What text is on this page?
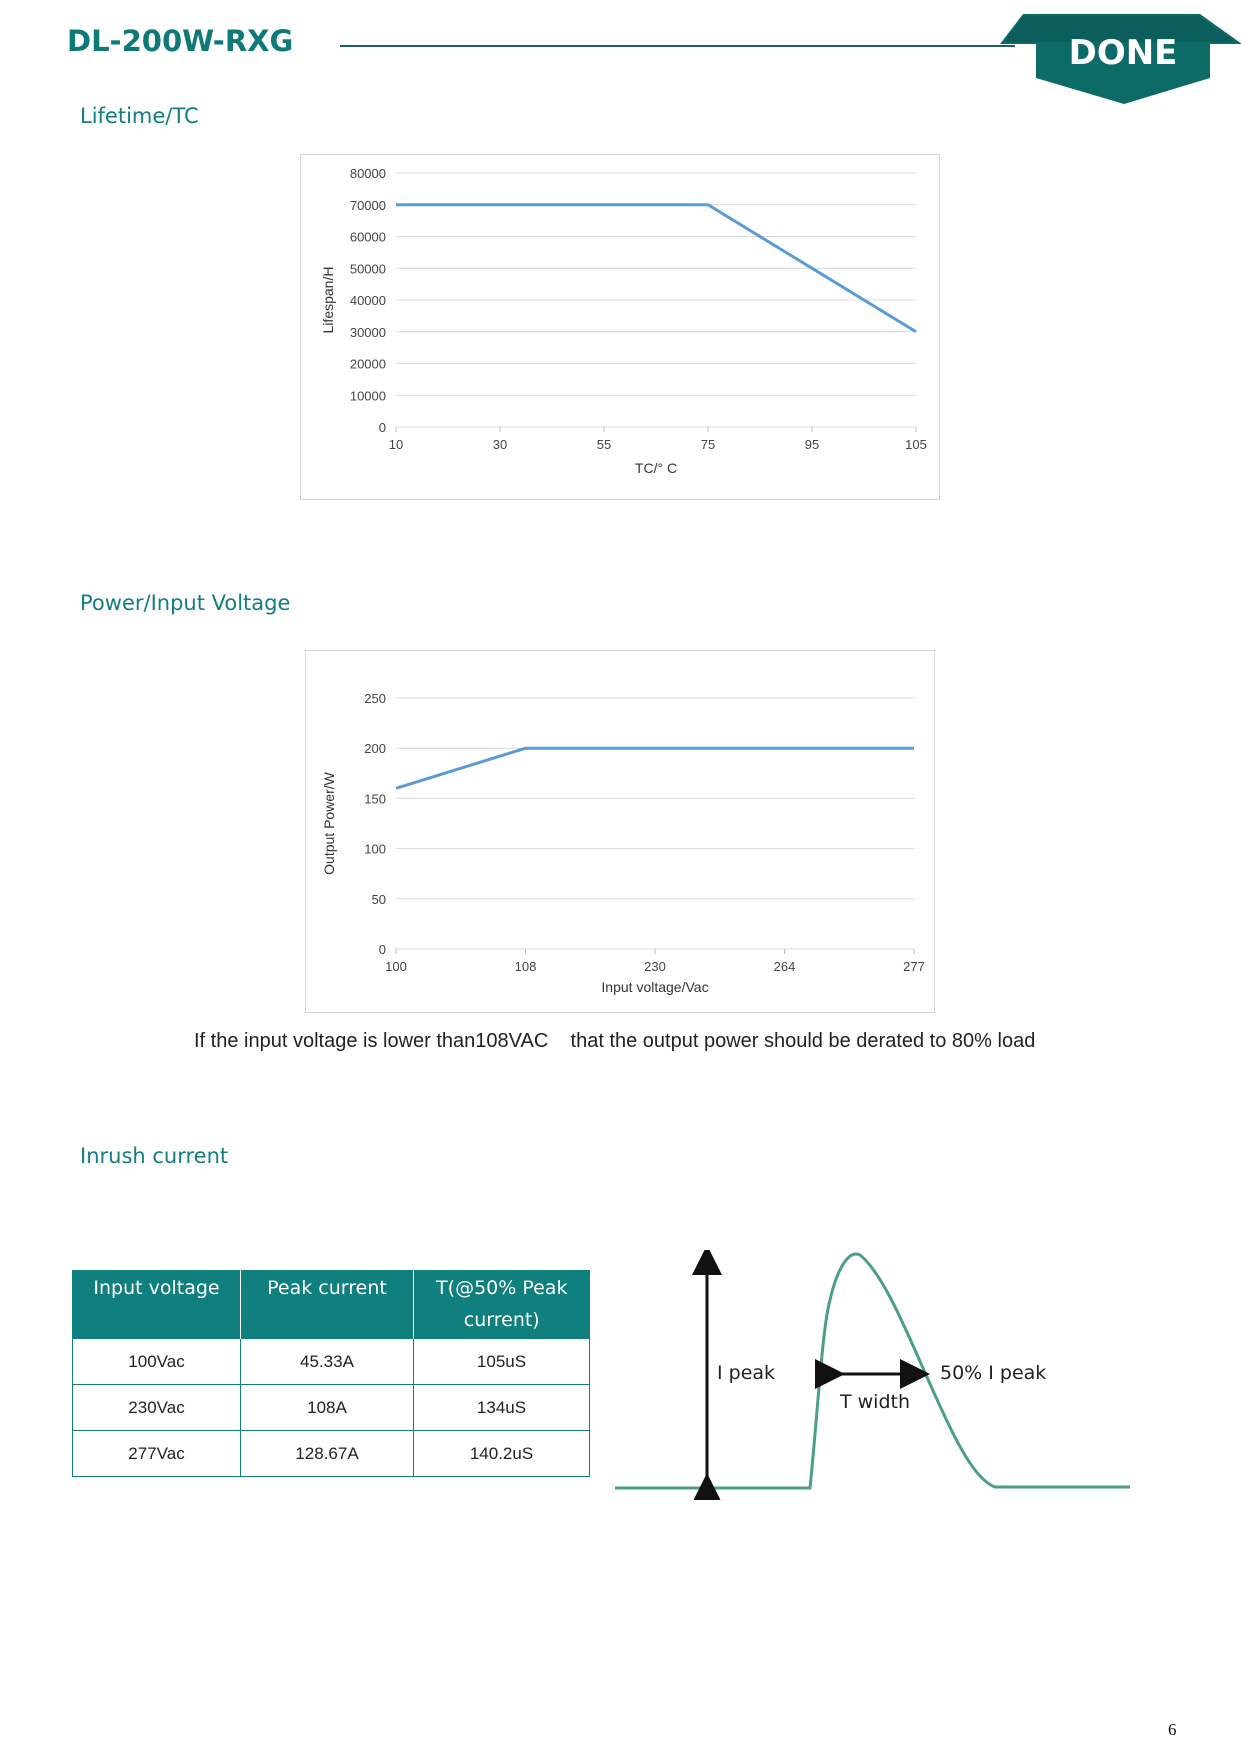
DL-200W-RXG	DONE
Lifetime/TC
0
10000
20000
30000
40000
50000
60000
70000
80000
10	30	55	75	95	105
TC/° C
Lifespan/H
Power/Input Voltage
0
50
100
150
200
250
100	108	230	264	277
Input voltage/Vac
Output Power/W
If the input voltage is lower than108VAC that the output power should be derated to 80% load
Inrush current
Input voltage	Peak current	T(@50% Peak current)
100Vac	45.33A	105uS
230Vac	108A	134uS
277Vac	128.67A	140.2uS
I peak	50% I peak
T width
6
